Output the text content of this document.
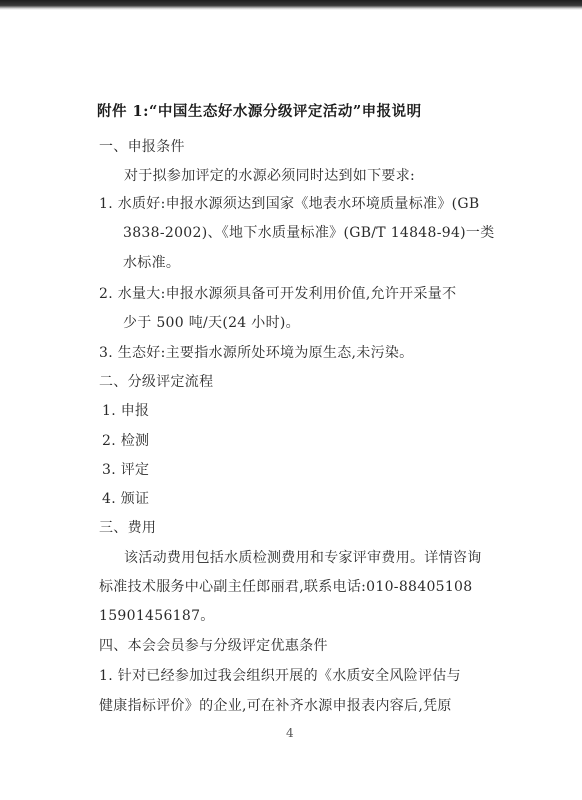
附件 1:“中国生态好水源分级评定活动”申报说明
一、申报条件
对于拟参加评定的水源必须同时达到如下要求:
1. 水质好:申报水源须达到国家《地表水环境质量标准》(GB
3838-2002)、《地下水质量标准》(GB/T 14848-94)一类
水标准。
2. 水量大:申报水源须具备可开发利用价值,允许开采量不
少于 500 吨/天(24 小时)。
3. 生态好:主要指水源所处环境为原生态,未污染。
二、分级评定流程
1. 申报
2. 检测
3. 评定
4. 颁证
三、费用
该活动费用包括水质检测费用和专家评审费用。详情咨询
标准技术服务中心副主任郎丽君,联系电话:010-88405108
15901456187。
四、本会会员参与分级评定优惠条件
1. 针对已经参加过我会组织开展的《水质安全风险评估与
健康指标评价》的企业,可在补齐水源申报表内容后,凭原
4
